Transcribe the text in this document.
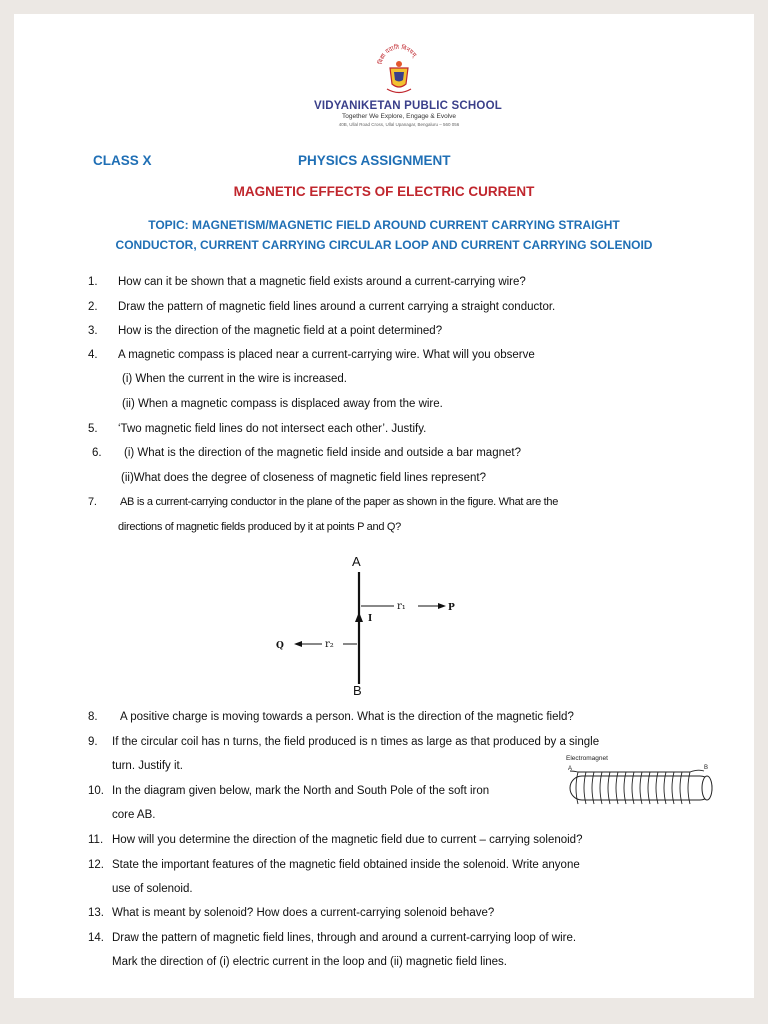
विद्या ददाति विनयम्
VIDYANIKETAN PUBLIC SCHOOL
Together We Explore, Engage & Evolve
40B, Ullal Road Cross, Ullal Upanagar, Bengaluru – 560 056
CLASS X	PHYSICS ASSIGNMENT
MAGNETIC EFFECTS OF ELECTRIC CURRENT
TOPIC: MAGNETISM/MAGNETIC FIELD AROUND CURRENT CARRYING STRAIGHT
CONDUCTOR, CURRENT CARRYING CIRCULAR LOOP AND CURRENT CARRYING SOLENOID
1. How can it be shown that a magnetic field exists around a current-carrying wire?
2. Draw the pattern of magnetic field lines around a current carrying a straight conductor.
3. How is the direction of the magnetic field at a point determined?
4. A magnetic compass is placed near a current-carrying wire. What will you observe
(i) When the current in the wire is increased.
(ii) When a magnetic compass is displaced away from the wire.
5. ‘Two magnetic field lines do not intersect each other’. Justify.
6. (i) What is the direction of the magnetic field inside and outside a bar magnet?
(ii)What does the degree of closeness of magnetic field lines represent?
7. AB is a current-carrying conductor in the plane of the paper as shown in the figure. What are the
directions of magnetic fields produced by it at points P and Q?
A
B
I
r₁	P
Q	r₂
8. A positive charge is moving towards a person. What is the direction of the magnetic field?
9. If the circular coil has n turns, the field produced is n times as large as that produced by a single
turn. Justify it.
10. In the diagram given below, mark the North and South Pole of the soft iron
core AB.
Electromagnet
A	B
11. How will you determine the direction of the magnetic field due to current – carrying solenoid?
12. State the important features of the magnetic field obtained inside the solenoid. Write anyone
use of solenoid.
13. What is meant by solenoid? How does a current-carrying solenoid behave?
14. Draw the pattern of magnetic field lines, through and around a current-carrying loop of wire.
Mark the direction of (i) electric current in the loop and (ii) magnetic field lines.
